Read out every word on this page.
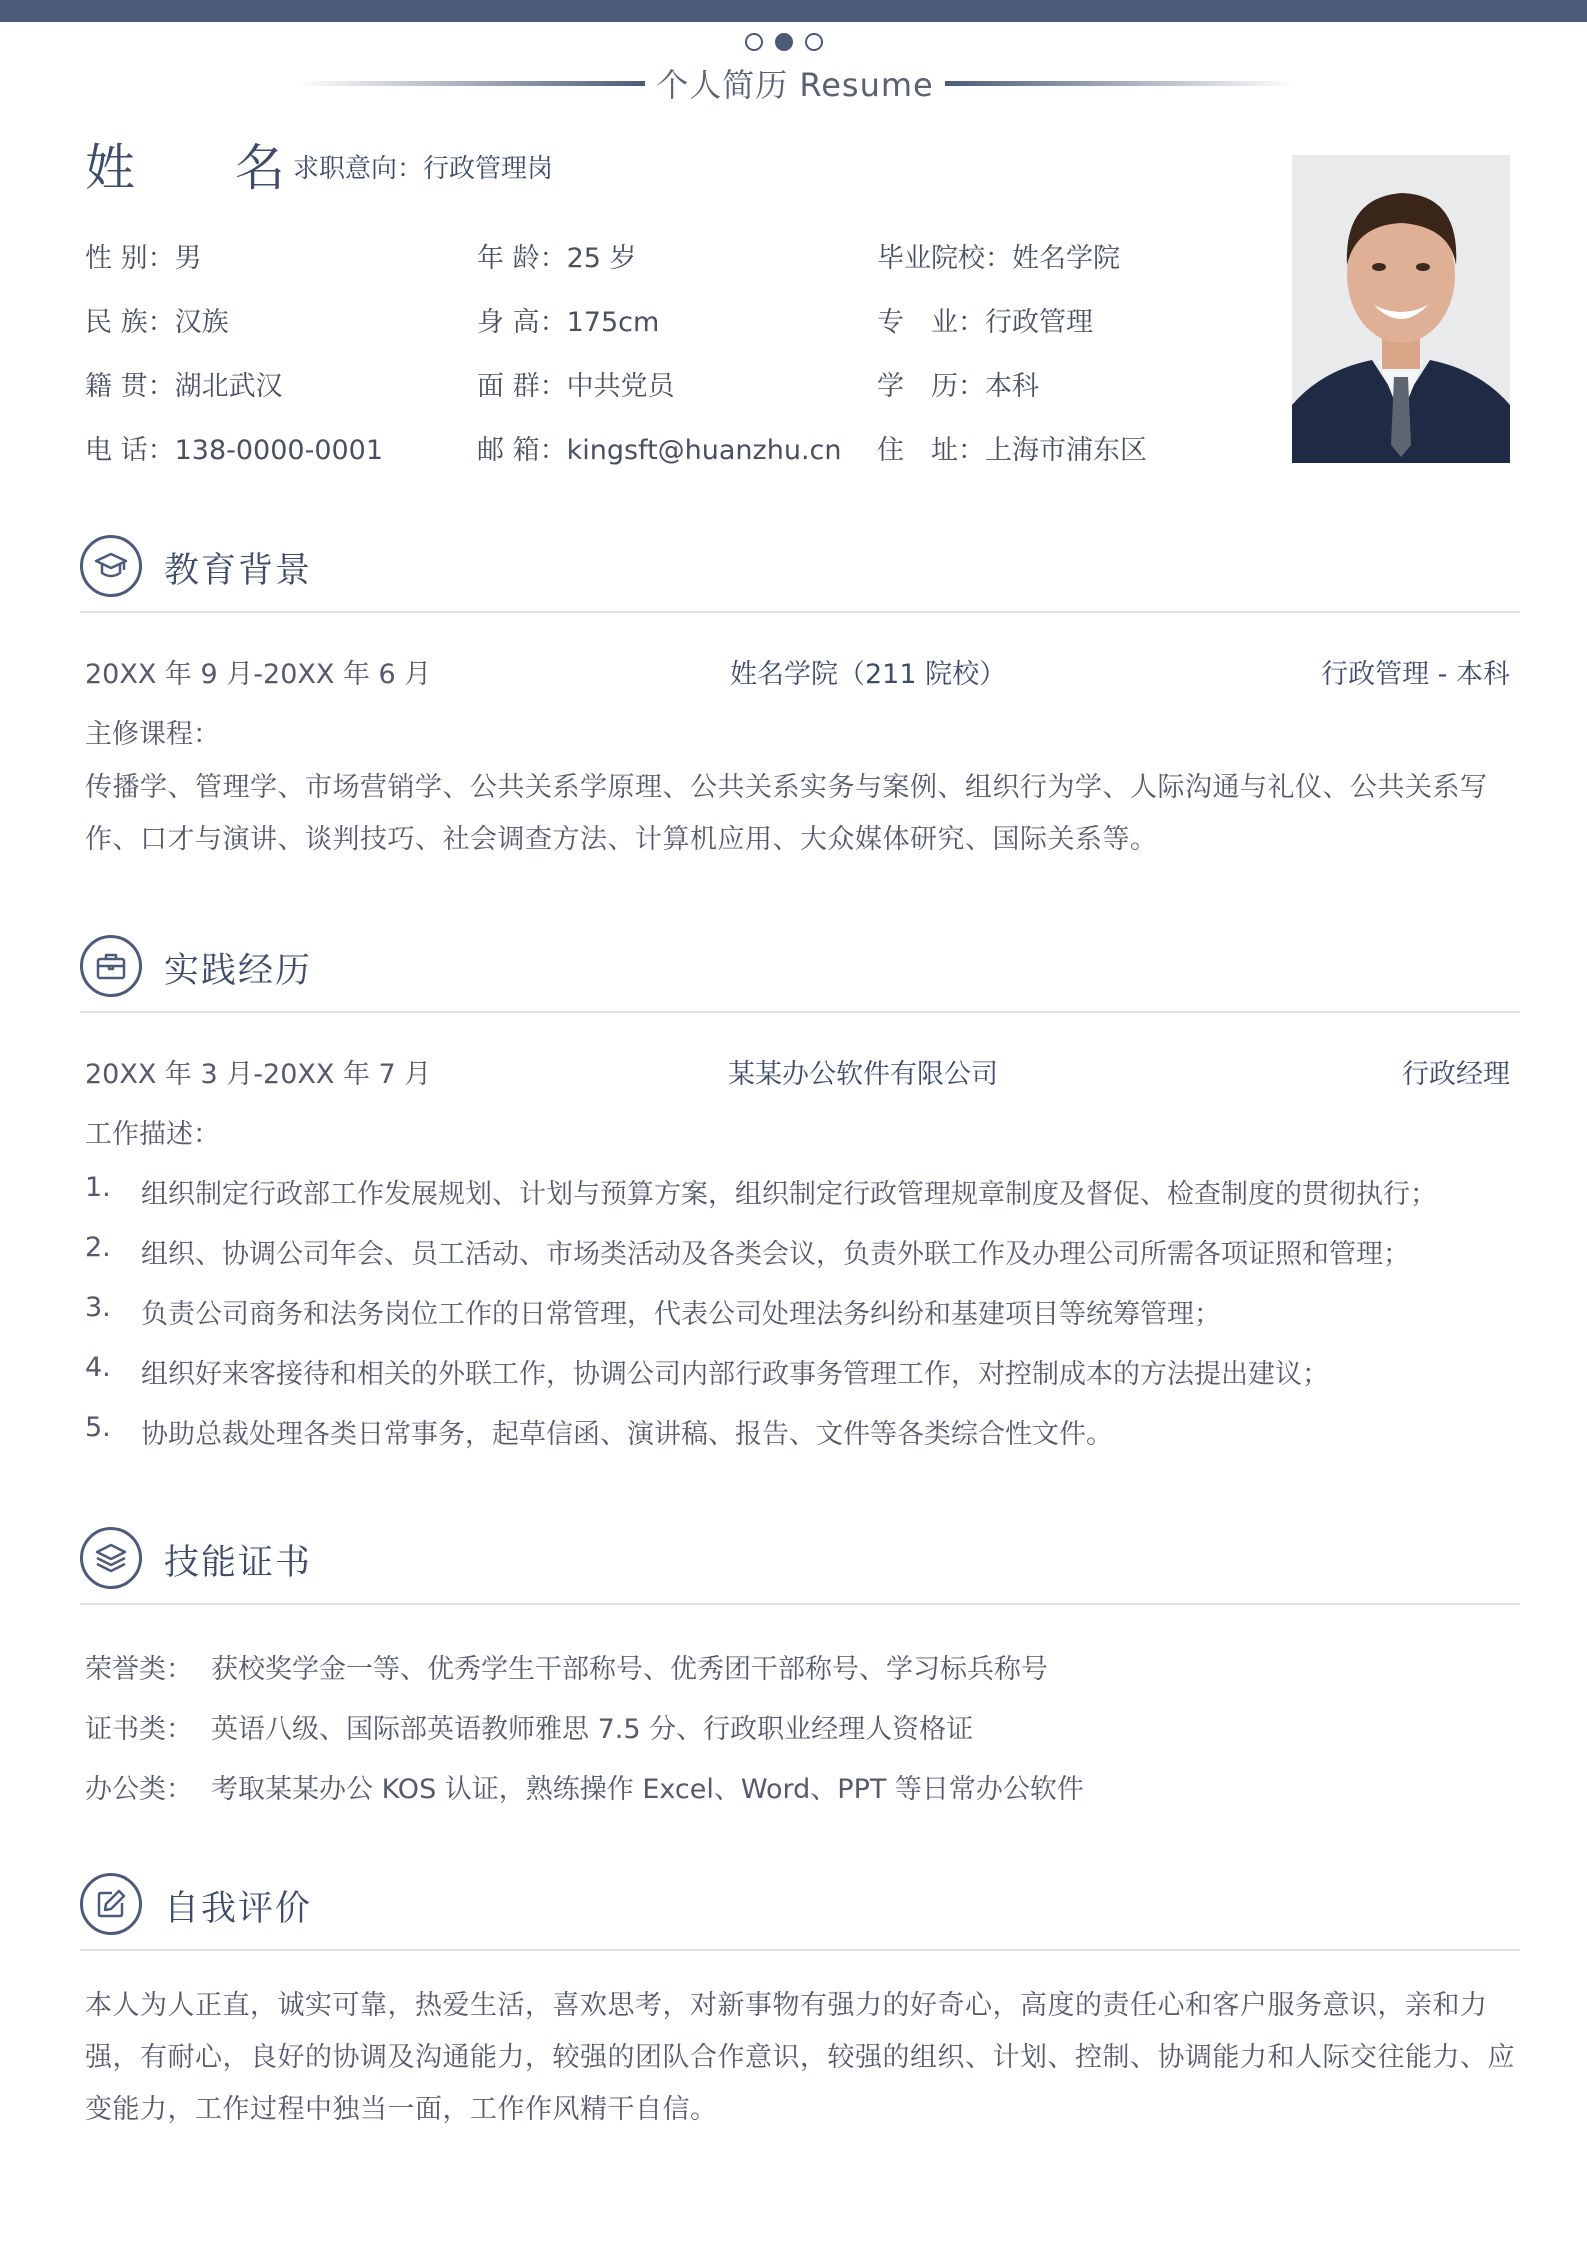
个人简历 Resume
姓 名
求职意向：行政管理岗
性 别：男	年 龄：25 岁	毕业院校：姓名学院
民 族：汉族	身 高：175cm	专　业：行政管理
籍 贯：湖北武汉	面 群：中共党员	学　历：本科
电 话：138-0000-0001	邮 箱：kingsft@huanzhu.cn 住　址：上海市浦东区
教育背景
20XX 年 9 月-20XX 年 6 月	姓名学院（211 院校）	行政管理 - 本科
主修课程：
传播学、管理学、市场营销学、公共关系学原理、公共关系实务与案例、组织行为学、人际沟通与礼仪、公共关系写作、口才与演讲、谈判技巧、社会调查方法、计算机应用、大众媒体研究、国际关系等。
实践经历
20XX 年 3 月-20XX 年 7 月	某某办公软件有限公司	行政经理
工作描述：
1. 组织制定行政部工作发展规划、计划与预算方案，组织制定行政管理规章制度及督促、检查制度的贯彻执行；
2. 组织、协调公司年会、员工活动、市场类活动及各类会议，负责外联工作及办理公司所需各项证照和管理；
3. 负责公司商务和法务岗位工作的日常管理，代表公司处理法务纠纷和基建项目等统筹管理；
4. 组织好来客接待和相关的外联工作，协调公司内部行政事务管理工作，对控制成本的方法提出建议；
5. 协助总裁处理各类日常事务，起草信函、演讲稿、报告、文件等各类综合性文件。
技能证书
荣誉类： 获校奖学金一等、优秀学生干部称号、优秀团干部称号、学习标兵称号
证书类： 英语八级、国际部英语教师雅思 7.5 分、行政职业经理人资格证
办公类： 考取某某办公 KOS 认证，熟练操作 Excel、Word、PPT 等日常办公软件
自我评价
本人为人正直，诚实可靠，热爱生活，喜欢思考，对新事物有强力的好奇心，高度的责任心和客户服务意识，亲和力强，有耐心，良好的协调及沟通能力，较强的团队合作意识，较强的组织、计划、控制、协调能力和人际交往能力、应变能力，工作过程中独当一面，工作作风精干自信。
